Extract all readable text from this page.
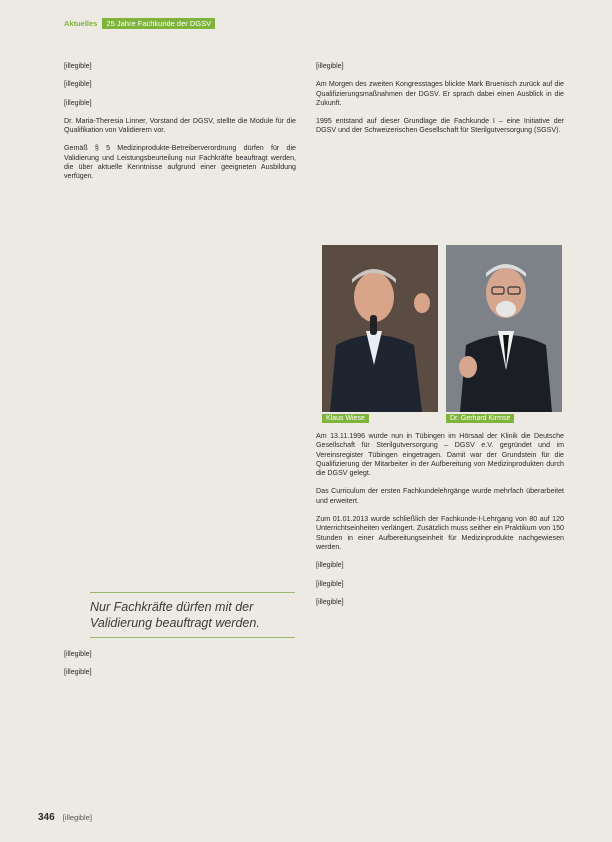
Aktuelles 25 Jahre Fachkunde der DGSV

[illegible]

[illegible]

[illegible]

Dr. Maria-Theresia Linner, Vorstand der DGSV, stellte die Module für die Qualifikation von Validierern vor.

Gemäß § 5 Medizinprodukte-Betreiberverordnung dürfen für die Validierung und Leistungsbeurteilung nur Fachkräfte beauftragt werden, die über aktuelle Kenntnisse aufgrund einer geeigneten Ausbildung verfügen.

Nur Fachkräfte dürfen mit der Validierung beauftragt werden.

[illegible]

[illegible]

[illegible]

Am Morgen des zweiten Kongresstages blickte Mark Bruenisch zurück auf die Qualifizierungsmaßnahmen der DGSV. Er sprach dabei einen Ausblick in die Zukunft.

1995 entstand auf dieser Grundlage die Fachkunde I – eine Initiative der DGSV und der Schweizerischen Gesellschaft für Sterilgutversorgung (SGSV).

Klaus Wiese	Dr. Gerhard Kirmse

Am 13.11.1996 wurde nun in Tübingen im Hörsaal der Klinik die Deutsche Gesellschaft für Sterilgutversorgung – DGSV e.V. gegründet und im Vereinsregister Tübingen eingetragen. Damit war der Grundstein für die Qualifizierung der Mitarbeiter in der Aufbereitung von Medizinprodukten durch die DGSV gelegt.

Das Curriculum der ersten Fachkundelehrgänge wurde mehrfach überarbeitet und erweitert.

Zum 01.01.2013 wurde schließlich der Fachkunde-I-Lehrgang von 80 auf 120 Unterrichtseinheiten verlängert. Zusätzlich muss seither ein Praktikum von 150 Stunden in einer Aufbereitungseinheit für Medizinprodukte nachgewiesen werden.

[illegible]

[illegible]

[illegible]

346 [illegible]
